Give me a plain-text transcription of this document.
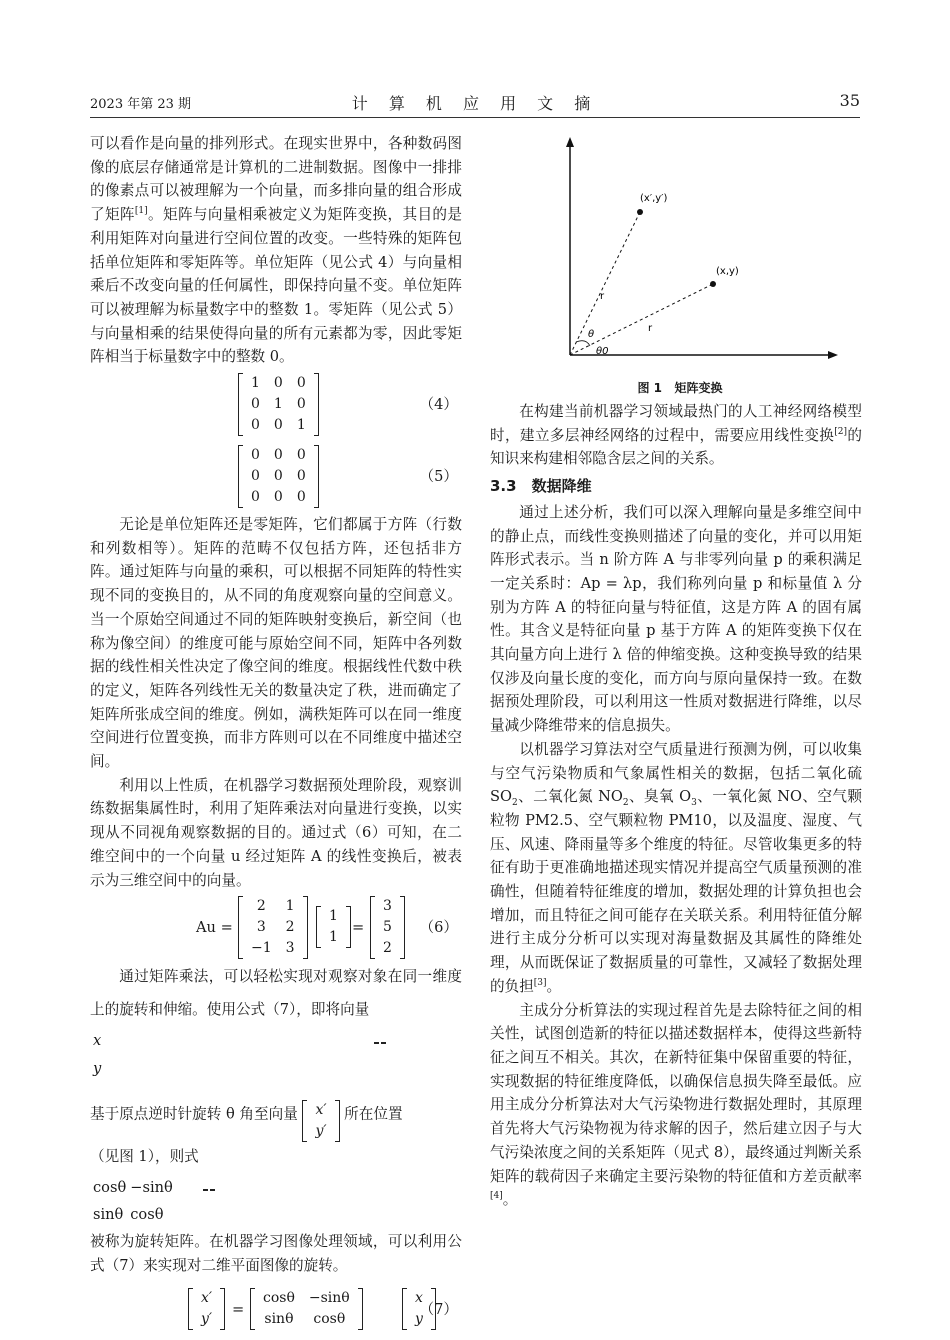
2023 年第 23 期	计 算 机 应 用 文 摘	35

可以看作是向量的排列形式。在现实世界中，各种数码图像的底层存储通常是计算机的二进制数据。图像中一排排的像素点可以被理解为一个向量，而多排向量的组合形成了矩阵[1]。矩阵与向量相乘被定义为矩阵变换，其目的是利用矩阵对向量进行空间位置的改变。一些特殊的矩阵包括单位矩阵和零矩阵等。单位矩阵（见公式 4）与向量相乘后不改变向量的任何属性，即保持向量不变。单位矩阵可以被理解为标量数字中的整数 1。零矩阵（见公式 5）与向量相乘的结果使得向量的所有元素都为零，因此零矩阵相当于标量数字中的整数 0。

1	0	0
0	1	0
0	0	1
（4）
0	0	0
0	0	0
0	0	0
（5）

无论是单位矩阵还是零矩阵，它们都属于方阵（行数和列数相等）。矩阵的范畴不仅包括方阵，还包括非方阵。通过矩阵与向量的乘积，可以根据不同矩阵的特性实现不同的变换目的，从不同的角度观察向量的空间意义。当一个原始空间通过不同的矩阵映射变换后，新空间（也称为像空间）的维度可能与原始空间不同，矩阵中各列数据的线性相关性决定了像空间的维度。根据线性代数中秩的定义，矩阵各列线性无关的数量决定了秩，进而确定了矩阵所张成空间的维度。例如，满秩矩阵可以在同一维度空间进行位置变换，而非方阵则可以在不同维度中描述空间。

利用以上性质，在机器学习数据预处理阶段，观察训练数据集属性时，利用了矩阵乘法对向量进行变换，以实现从不同视角观察数据的目的。通过式（6）可知，在二维空间中的一个向量 u 经过矩阵 A 的线性变换后，被表示为三维空间中的向量。

Au =
2	1
3	2
−1	3
1
1
=
3
5
2
（6）

通过矩阵乘法，可以轻松实现对观察对象在同一维度上的旋转和伸缩。使用公式（7），即将向量

x
y
基于原点逆时针旋转 θ 角至向量 x′
y′
所在位置

（见图 1），则式

cosθ	−sinθ
sinθ	cosθ
被称为旋转矩阵。在机器学习图像处理领域，可以利用公式（7）来实现对二维平面图像的旋转。

x′
y′
=
cosθ	−sinθ
sinθ	cosθ
x
y
（7）
(x′,y′)
(x,y)
r
r
θ
θ0
图 1 矩阵变换

在构建当前机器学习领域最热门的人工神经网络模型时，建立多层神经网络的过程中，需要应用线性变换[2]的知识来构建相邻隐含层之间的关系。

3.3　数据降维

通过上述分析，我们可以深入理解向量是多维空间中的静止点，而线性变换则描述了向量的变化，并可以用矩阵形式表示。当 n 阶方阵 A 与非零列向量 p 的乘积满足一定关系时：Ap = λp，我们称列向量 p 和标量值 λ 分别为方阵 A 的特征向量与特征值，这是方阵 A 的固有属性。其含义是特征向量 p 基于方阵 A 的矩阵变换下仅在其向量方向上进行 λ 倍的伸缩变换。这种变换导致的结果仅涉及向量长度的变化，而方向与原向量保持一致。在数据预处理阶段，可以利用这一性质对数据进行降维，以尽量减少降维带来的信息损失。

以机器学习算法对空气质量进行预测为例，可以收集与空气污染物质和气象属性相关的数据，包括二氧化硫 $SO_2$、二氧化氮 $NO_2$、臭氧 $O_3$、一氧化氮 NO、空气颗粒物 PM2.5、空气颗粒物 PM10，以及温度、湿度、气压、风速、降雨量等多个维度的特征。尽管收集更多的特征有助于更准确地描述现实情况并提高空气质量预测的准确性，但随着特征维度的增加，数据处理的计算负担也会增加，而且特征之间可能存在关联关系。利用特征值分解进行主成分分析可以实现对海量数据及其属性的降维处理，从而既保证了数据质量的可靠性，又减轻了数据处理的负担[3]。

主成分分析算法的实现过程首先是去除特征之间的相关性，试图创造新的特征以描述数据样本，使得这些新特征之间互不相关。其次，在新特征集中保留重要的特征，实现数据的特征维度降低，以确保信息损失降至最低。应用主成分分析算法对大气污染物进行数据处理时，其原理首先将大气污染物视为待求解的因子，然后建立因子与大气污染浓度之间的关系矩阵（见式 8），最终通过判断关系矩阵的载荷因子来确定主要污染物的特征值和方差贡献率[4]。
